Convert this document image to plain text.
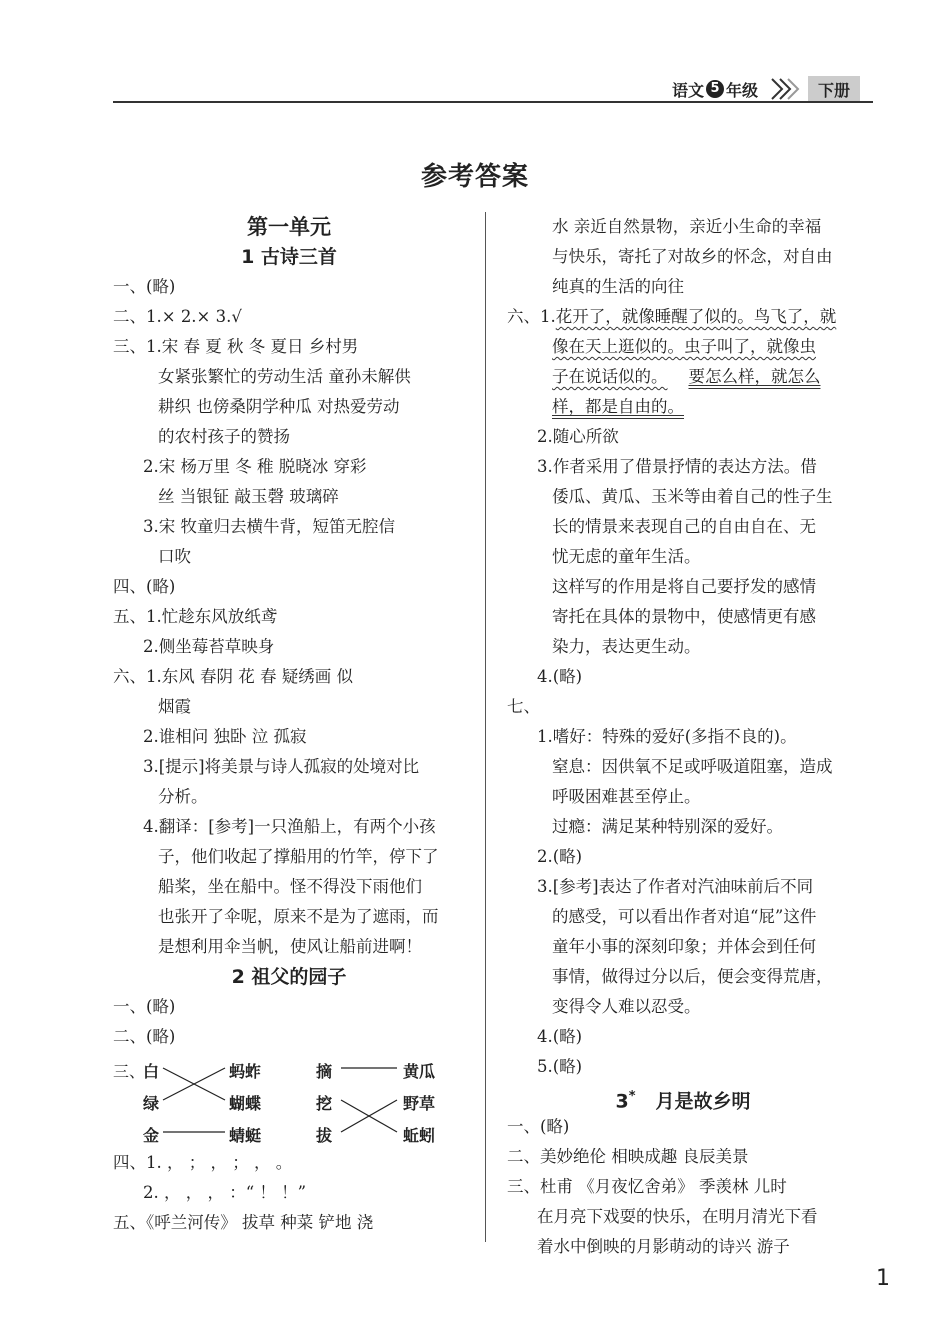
语文 5 年级	下册
参考答案
第一单元
1 古诗三首
一、(略)
二、1.× 2.× 3.√
三、1.宋 春 夏 秋 冬 夏日 乡村男
女紧张繁忙的劳动生活 童孙未解供
耕织 也傍桑阴学种瓜 对热爱劳动
的农村孩子的赞扬
2.宋 杨万里 冬 稚 脱晓冰 穿彩
丝 当银钲 敲玉磬 玻璃碎
3.宋 牧童归去横牛背，短笛无腔信
口吹
四、(略)
五、1.忙趁东风放纸鸢
2.侧坐莓苔草映身
六、1.东风 春阴 花 春 疑绣画 似
烟霞
2.谁相问 独卧 泣 孤寂
3.[提示]将美景与诗人孤寂的处境对比
分析。
4.翻译：[参考]一只渔船上，有两个小孩
子，他们收起了撑船用的竹竿，停下了
船桨，坐在船中。怪不得没下雨他们
也张开了伞呢，原来不是为了遮雨，而
是想利用伞当帆，使风让船前进啊！
2 祖父的园子
一、(略)
二、(略)
三、
白
绿
金
蚂蚱
蝴蝶
蜻蜓
摘
挖
拔
黄瓜
野草
蚯蚓
四、1. ， ； ， ； ， 。
2. ， ， ， ：“ ！ ！”
五、《呼兰河传》 拔草 种菜 铲地 浇
水 亲近自然景物，亲近小生命的幸福
与快乐，寄托了对故乡的怀念，对自由
纯真的生活的向往
六、1.花开了，就像睡醒了似的。鸟飞了，就
像在天上逛似的。虫子叫了，就像虫
子在说话似的。 要怎么样，就怎么
样，都是自由的。
2.随心所欲
3.作者采用了借景抒情的表达方法。借
倭瓜、黄瓜、玉米等由着自己的性子生
长的情景来表现自己的自由自在、无
忧无虑的童年生活。
这样写的作用是将自己要抒发的感情
寄托在具体的景物中，使感情更有感
染力，表达更生动。
4.(略)
七、
1.嗜好：特殊的爱好(多指不良的)。
窒息：因供氧不足或呼吸道阻塞，造成
呼吸困难甚至停止。
过瘾：满足某种特别深的爱好。
2.(略)
3.[参考]表达了作者对汽油味前后不同
的感受，可以看出作者对追“屁”这件
童年小事的深刻印象；并体会到任何
事情，做得过分以后，便会变得荒唐，
变得令人难以忍受。
4.(略)
5.(略)
3* 月是故乡明
一、(略)
二、美妙绝伦 相映成趣 良辰美景
三、杜甫 《月夜忆舍弟》 季羡林 儿时
在月亮下戏耍的快乐，在明月清光下看
着水中倒映的月影萌动的诗兴 游子
1
